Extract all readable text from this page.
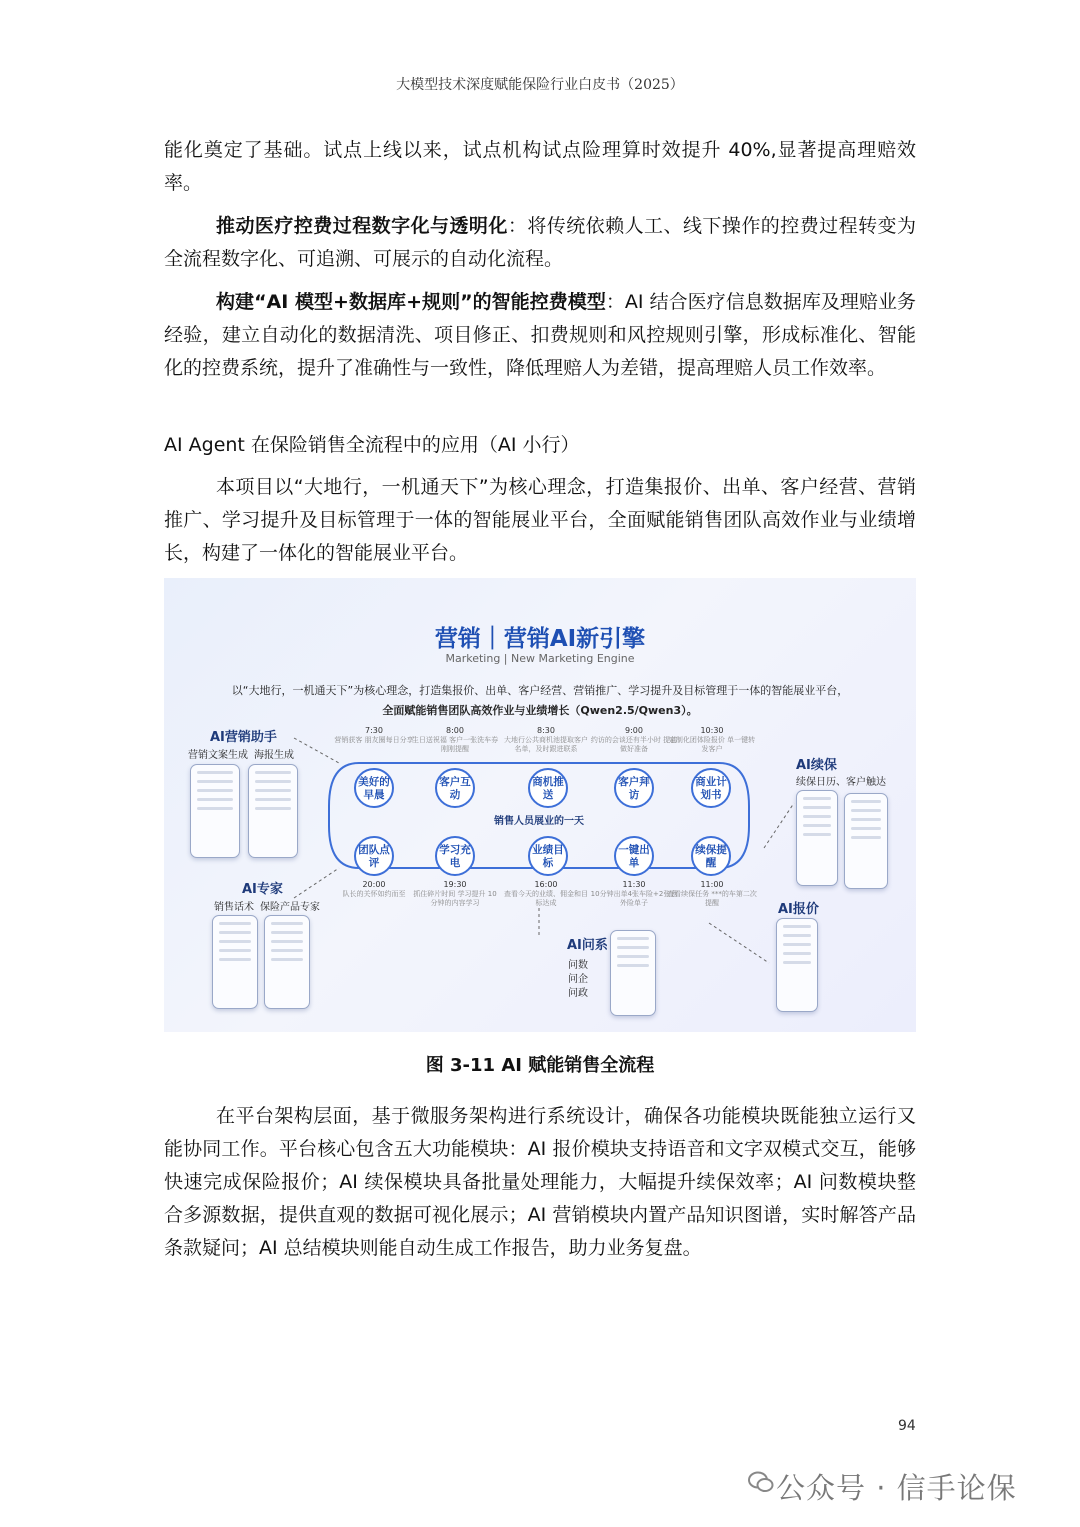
大模型技术深度赋能保险行业白皮书（2025）

能化奠定了基础。试点上线以来，试点机构试点险理算时效提升 40%,显著提高理赔效率。

推动医疗控费过程数字化与透明化：将传统依赖人工、线下操作的控费过程转变为全流程数字化、可追溯、可展示的自动化流程。

构建“AI 模型+数据库+规则”的智能控费模型：AI 结合医疗信息数据库及理赔业务经验，建立自动化的数据清洗、项目修正、扣费规则和风控规则引擎，形成标准化、智能化的控费系统，提升了准确性与一致性，降低理赔人为差错，提高理赔人员工作效率。

AI Agent 在保险销售全流程中的应用（AI 小行）

本项目以“大地行，一机通天下”为核心理念，打造集报价、出单、客户经营、营销推广、学习提升及目标管理于一体的智能展业平台，全面赋能销售团队高效作业与业绩增长，构建了一体化的智能展业平台。

营销｜营销AI新引擎
Marketing | New Marketing Engine
以“大地行，一机通天下”为核心理念，打造集报价、出单、客户经营、营销推广、学习提升及目标管理于一体的智能展业平台，
全面赋能销售团队高效作业与业绩增长（Qwen2.5/Qwen3）。
7:30
营销获客 朋友圈每日分享
美好的早晨
8:00
生日送祝福 客户一张洗车券刚刚提醒
客户互动
8:30
大地行公共商机池提取客户名单，及时跟进联系
商机推送
9:00
约访的会谈还有半小时 提前做好准备
客户拜访
10:30
定制化团体险报价 单一键转发客户
商业计划书
销售人员展业的一天
团队点评
20:00
队长的关怀如约而至
学习充电
19:30
抓住碎片时间 学习提升 10分钟的内容学习
业绩目标
16:00
查看今天的业绩、佣金和目标达成
一键出单
11:30
10分钟出单4张车险+2张意外险单子
续保提醒
11:00
查看续保任务 ***的车第二次提醒
AI营销助手
营销文案生成 海报生成
AI专家
销售话术 保险产品专家
AI续保
续保日历、客户触达
AI报价
AI问系
问数
问企
问政
图 3-11 AI 赋能销售全流程

在平台架构层面，基于微服务架构进行系统设计，确保各功能模块既能独立运行又能协同工作。平台核心包含五大功能模块：AI 报价模块支持语音和文字双模式交互，能够快速完成保险报价；AI 续保模块具备批量处理能力，大幅提升续保效率；AI 问数模块整合多源数据，提供直观的数据可视化展示；AI 营销模块内置产品知识图谱，实时解答产品条款疑问；AI 总结模块则能自动生成工作报告，助力业务复盘。

94
公众号 · 信手论保
